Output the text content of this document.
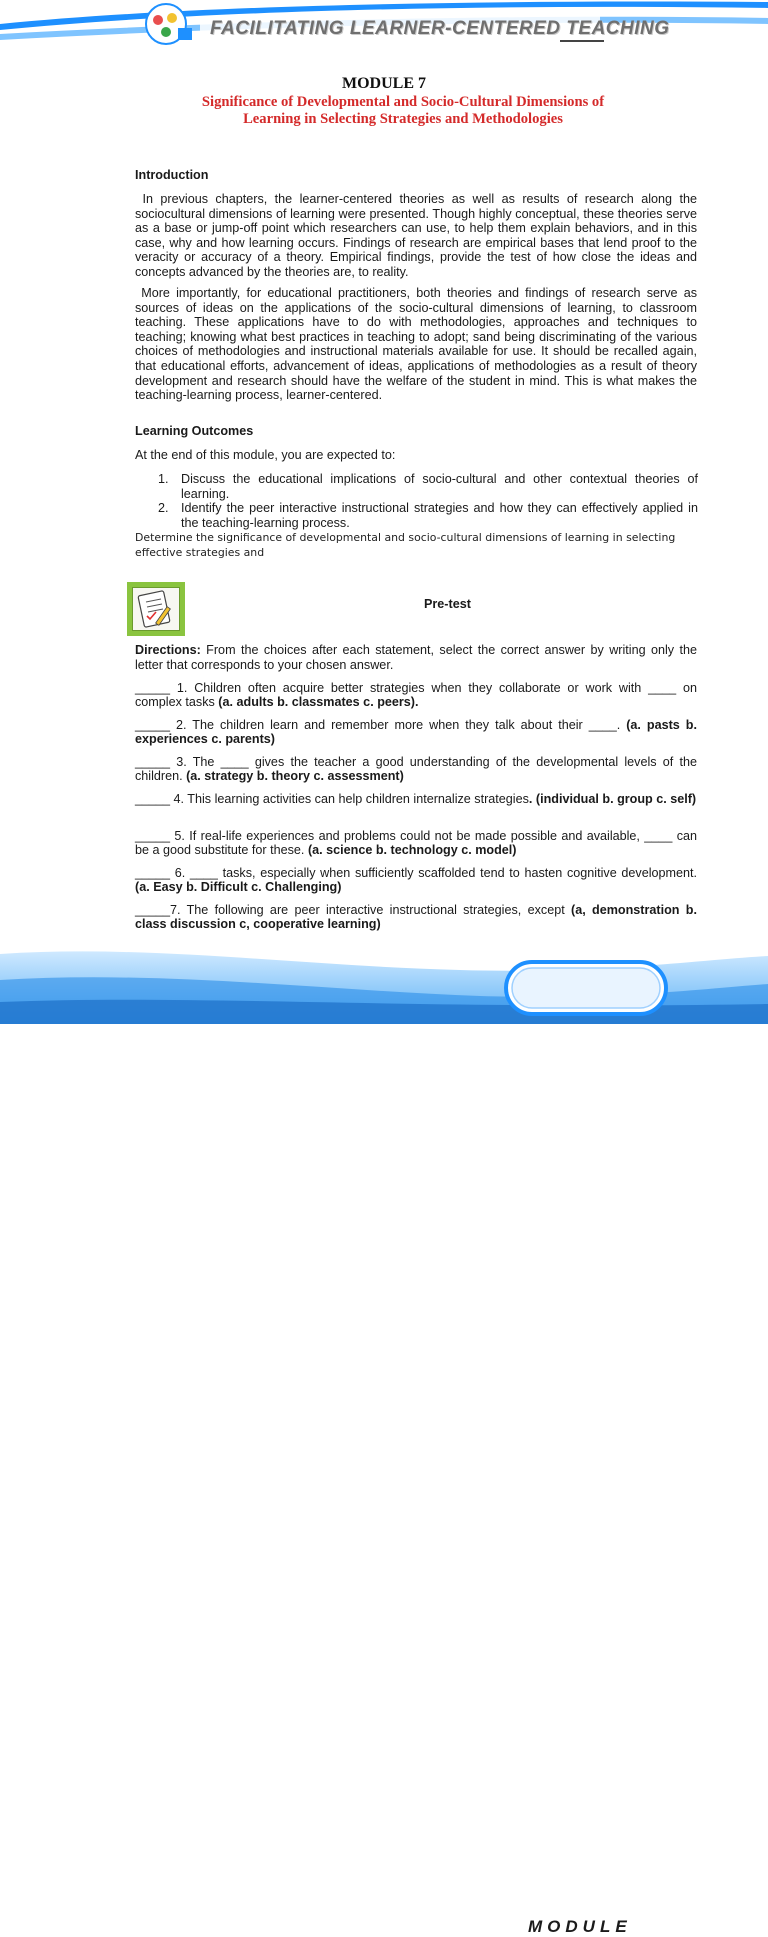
FACILITATING LEARNER-CENTERED TEACHING
MODULE 7
Significance of Developmental and Socio-Cultural Dimensions of
Learning in Selecting Strategies and Methodologies
Introduction
In previous chapters, the learner-centered theories as well as results of research along the sociocultural dimensions of learning were presented. Though highly conceptual, these theories serve as a base or jump-off point which researchers can use, to help them explain behaviors, and in this case, why and how learning occurs. Findings of research are empirical bases that lend proof to the veracity or accuracy of a theory. Empirical findings, provide the test of how close the ideas and concepts advanced by the theories are, to reality.
More importantly, for educational practitioners, both theories and findings of research serve as sources of ideas on the applications of the socio-cultural dimensions of learning, to classroom teaching. These applications have to do with methodologies, approaches and techniques to teaching; knowing what best practices in teaching to adopt; sand being discriminating of the various choices of methodologies and instructional materials available for use. It should be recalled again, that educational efforts, advancement of ideas, applications of methodologies as a result of theory development and research should have the welfare of the student in mind. This is what makes the teaching-learning process, learner-centered.
Learning Outcomes
At the end of this module, you are expected to:
1. Discuss the educational implications of socio-cultural and other contextual theories of learning.
2. Identify the peer interactive instructional strategies and how they can effectively applied in the teaching-learning process.
Determine the significance of developmental and socio-cultural dimensions of learning in selecting effective strategies and
Pre-test
Directions: From the choices after each statement, select the correct answer by writing only the letter that corresponds to your chosen answer.
_____ 1. Children often acquire better strategies when they collaborate or work with ____ on complex tasks (a. adults b. classmates c. peers).
_____ 2. The children learn and remember more when they talk about their ____. (a. pasts b. experiences c. parents)
_____ 3. The ____ gives the teacher a good understanding of the developmental levels of the children. (a. strategy b. theory c. assessment)
_____ 4. This learning activities can help children internalize strategies. (individual b. group c. self)
_____ 5. If real-life experiences and problems could not be made possible and available, ____ can be a good substitute for these. (a. science b. technology c. model)
_____ 6. ____ tasks, especially when sufficiently scaffolded tend to hasten cognitive development. (a. Easy b. Difficult c. Challenging)
_____7. The following are peer interactive instructional strategies, except (a, demonstration b. class discussion c, cooperative learning)
MODULE
